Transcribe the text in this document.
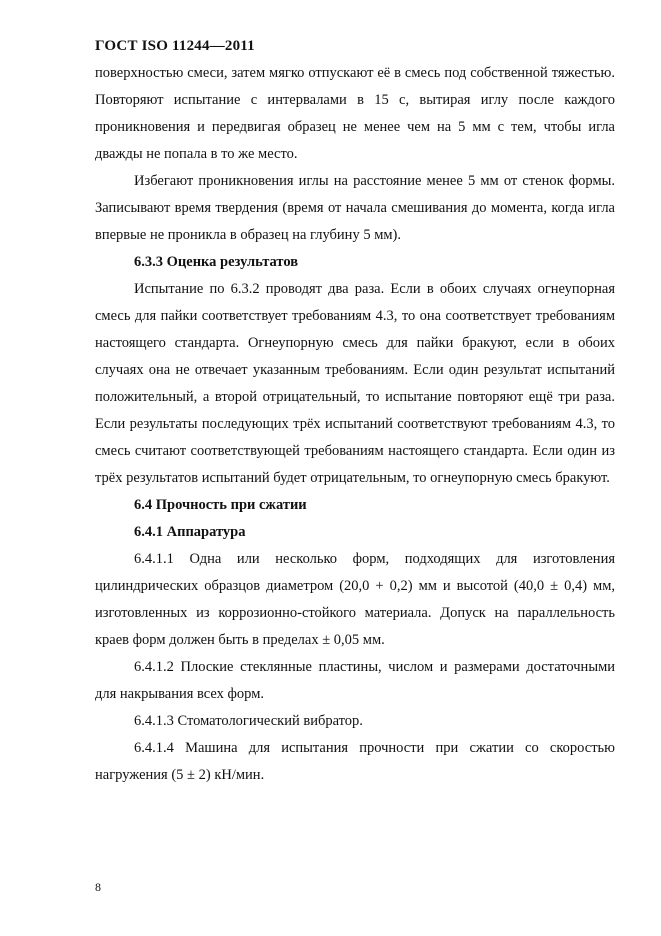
ГОСТ ISO 11244—2011

поверхностью смеси, затем мягко отпускают её в смесь под собственной тяжестью. Повторяют испытание с интервалами в 15 с, вытирая иглу после каждого проникновения и передвигая образец не менее чем на 5 мм с тем, чтобы игла дважды не попала в то же место.

Избегают проникновения иглы на расстояние менее 5 мм от стенок формы. Записывают время твердения (время от начала смешивания до момента, когда игла впервые не проникла в образец на глубину 5 мм).

6.3.3 Оценка результатов

Испытание по 6.3.2 проводят два раза. Если в обоих случаях огнеупорная смесь для пайки соответствует требованиям 4.3, то она соответствует требованиям настоящего стандарта. Огнеупорную смесь для пайки бракуют, если в обоих случаях она не отвечает указанным требованиям. Если один результат испытаний положительный, а второй отрицательный, то испытание повторяют ещё три раза. Если результаты последующих трёх испытаний соответствуют требованиям 4.3, то смесь считают соответствующей требованиям настоящего стандарта. Если один из трёх результатов испытаний будет отрицательным, то огнеупорную смесь бракуют.

6.4 Прочность при сжатии

6.4.1 Аппаратура

6.4.1.1 Одна или несколько форм, подходящих для изготовления цилиндрических образцов диаметром (20,0 + 0,2) мм и высотой (40,0 ± 0,4) мм, изготовленных из коррозионно-стойкого материала. Допуск на параллельность краев форм должен быть в пределах ± 0,05 мм.

6.4.1.2 Плоские стеклянные пластины, числом и размерами достаточными для накрывания всех форм.

6.4.1.3 Стоматологический вибратор.

6.4.1.4 Машина для испытания прочности при сжатии со скоростью нагружения (5 ± 2) кН/мин.

8
